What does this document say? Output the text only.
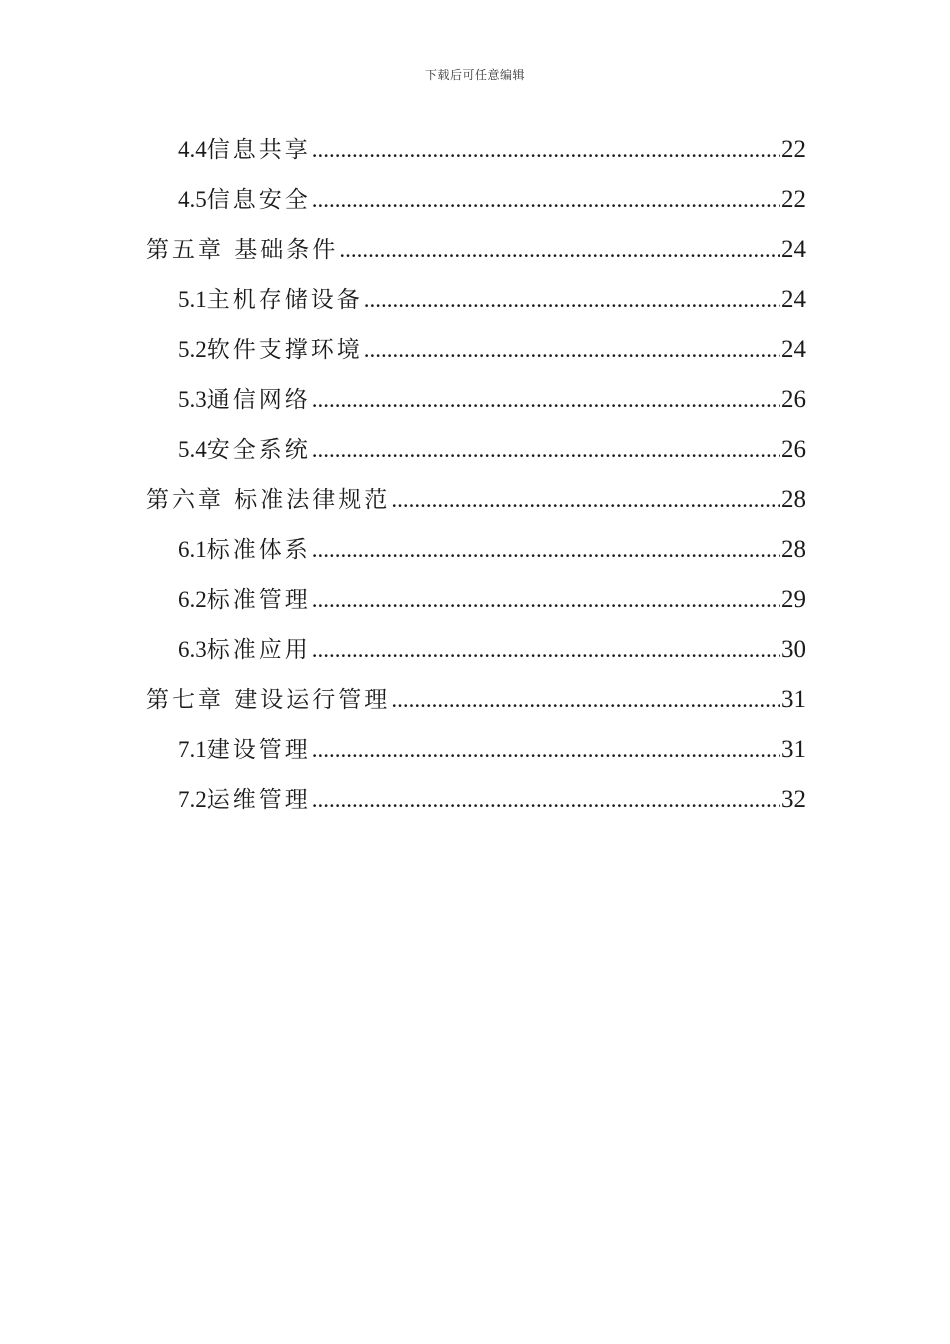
下载后可任意编辑
4.4信息共享 .....	22
4.5信息安全 .....	22
第五章 基础条件 .....	24
5.1主机存储设备 .....	24
5.2软件支撑环境 .....	24
5.3通信网络 .....	26
5.4安全系统 .....	26
第六章 标准法律规范 .....	28
6.1标准体系 .....	28
6.2标准管理 .....	29
6.3标准应用 .....	30
第七章 建设运行管理 .....	31
7.1建设管理 .....	31
7.2运维管理 .....	32
